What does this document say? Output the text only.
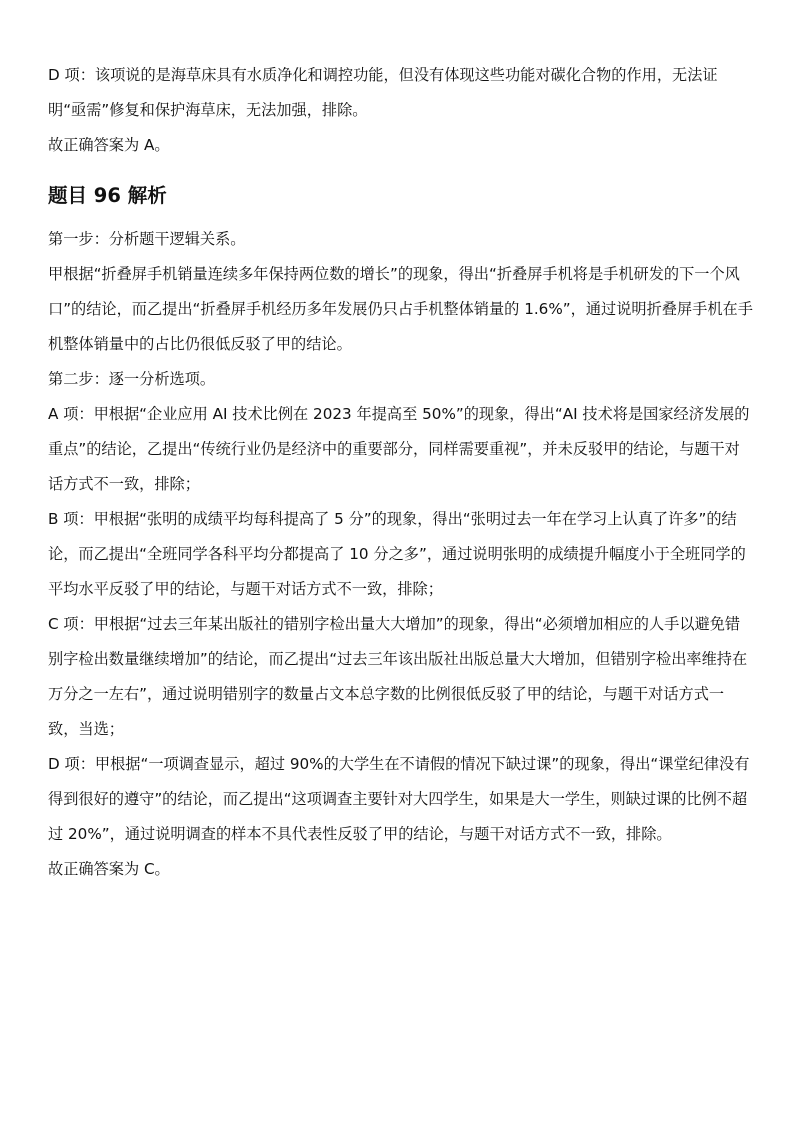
D 项：该项说的是海草床具有水质净化和调控功能，但没有体现这些功能对碳化合物的作用，无法证明“亟需”修复和保护海草床，无法加强，排除。

故正确答案为 A。

题目 96 解析

第一步：分析题干逻辑关系。

甲根据“折叠屏手机销量连续多年保持两位数的增长”的现象，得出“折叠屏手机将是手机研发的下一个风口”的结论，而乙提出“折叠屏手机经历多年发展仍只占手机整体销量的 1.6%”，通过说明折叠屏手机在手机整体销量中的占比仍很低反驳了甲的结论。

第二步：逐一分析选项。

A 项：甲根据“企业应用 AI 技术比例在 2023 年提高至 50%”的现象，得出“AI 技术将是国家经济发展的重点”的结论，乙提出“传统行业仍是经济中的重要部分，同样需要重视”，并未反驳甲的结论，与题干对话方式不一致，排除；

B 项：甲根据“张明的成绩平均每科提高了 5 分”的现象，得出“张明过去一年在学习上认真了许多”的结论，而乙提出“全班同学各科平均分都提高了 10 分之多”，通过说明张明的成绩提升幅度小于全班同学的平均水平反驳了甲的结论，与题干对话方式不一致，排除；

C 项：甲根据“过去三年某出版社的错别字检出量大大增加”的现象，得出“必须增加相应的人手以避免错别字检出数量继续增加”的结论，而乙提出“过去三年该出版社出版总量大大增加，但错别字检出率维持在万分之一左右”，通过说明错别字的数量占文本总字数的比例很低反驳了甲的结论，与题干对话方式一致，当选；

D 项：甲根据“一项调查显示，超过 90%的大学生在不请假的情况下缺过课”的现象，得出“课堂纪律没有得到很好的遵守”的结论，而乙提出“这项调查主要针对大四学生，如果是大一学生，则缺过课的比例不超过 20%”，通过说明调查的样本不具代表性反驳了甲的结论，与题干对话方式不一致，排除。

故正确答案为 C。
